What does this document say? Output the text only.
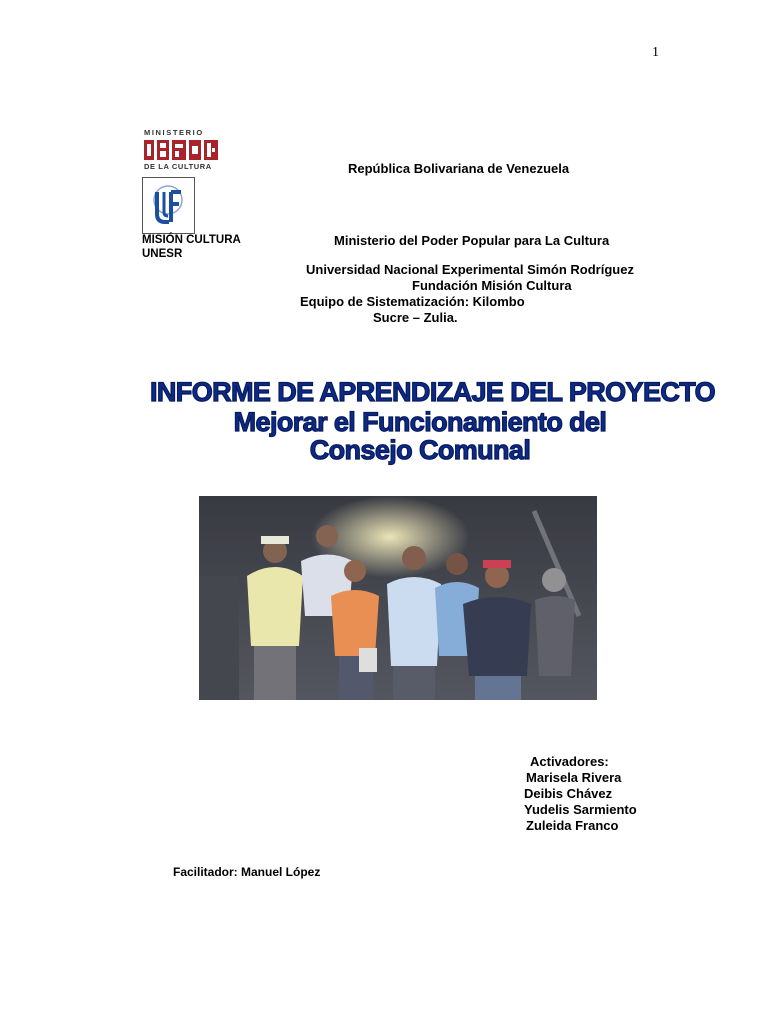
1
MINISTERIO
DE LA CULTURA
MISIÓN CULTURA
UNESR
República Bolivariana de Venezuela
Ministerio del Poder Popular para La Cultura
Universidad Nacional Experimental Simón Rodríguez
Fundación Misión Cultura
Equipo de Sistematización: Kilombo
Sucre – Zulia.
INFORME DE APRENDIZAJE DEL PROYECTO
Mejorar el Funcionamiento del
Consejo Comunal
Activadores:
Marisela Rivera
Deibis Chávez
Yudelis Sarmiento
Zuleida Franco
Facilitador: Manuel López
